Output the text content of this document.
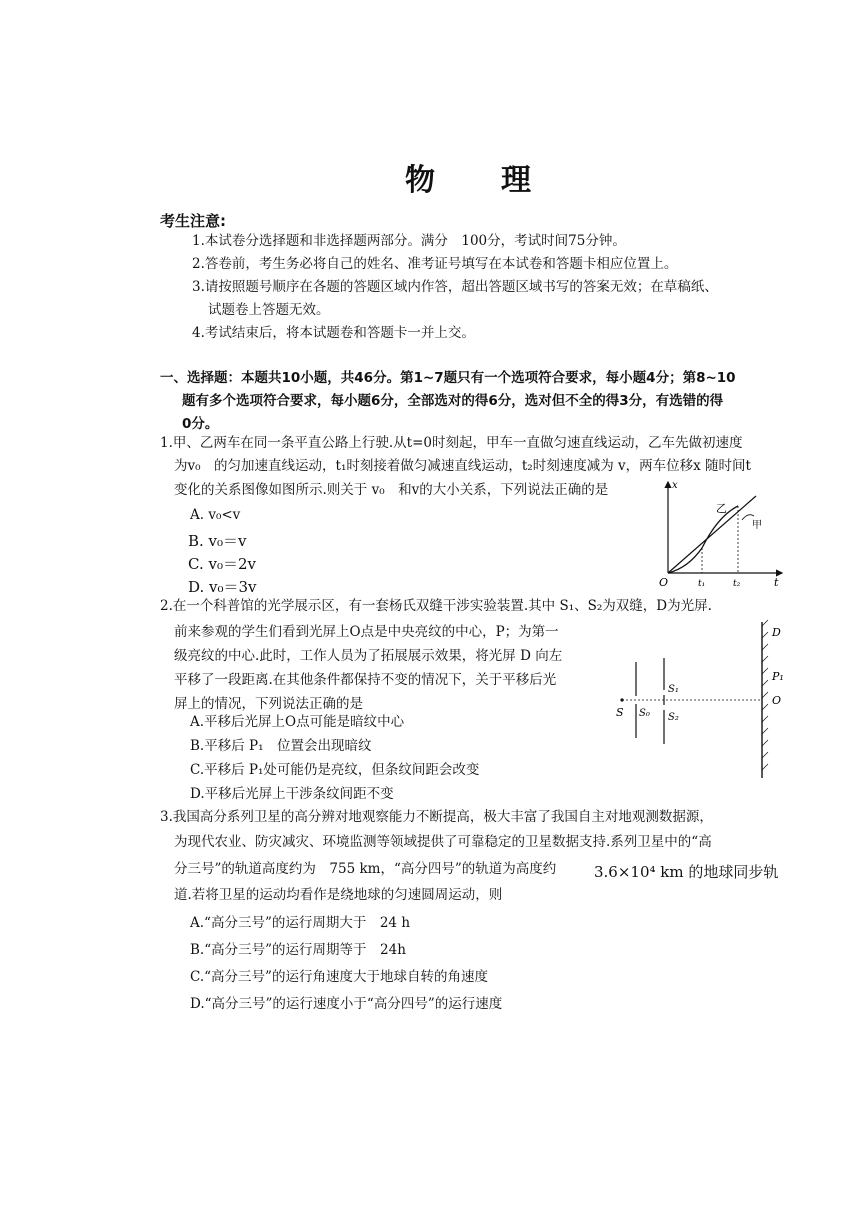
物　　理
考生注意:
1.本试卷分选择题和非选择题两部分。满分　100分，考试时间75分钟。
2.答卷前，考生务必将自己的姓名、准考证号填写在本试卷和答题卡相应位置上。
3.请按照题号顺序在各题的答题区域内作答，超出答题区域书写的答案无效；在草稿纸、
试题卷上答题无效。
4.考试结束后，将本试题卷和答题卡一并上交。
一、选择题：本题共10小题，共46分。第1~7题只有一个选项符合要求，每小题4分；第8~10
题有多个选项符合要求，每小题6分，全部选对的得6分，选对但不全的得3分，有选错的得
0分。
1.甲、乙两车在同一条平直公路上行驶.从t=0时刻起，甲车一直做匀速直线运动，乙车先做初速度
为v₀　的匀加速直线运动，t₁时刻接着做匀减速直线运动，t₂时刻速度减为 v，两车位移x 随时间t
变化的关系图像如图所示.则关于 v₀　和v的大小关系，下列说法正确的是
A. v₀<v
B. v₀＝v
C. v₀＝2v
D. v₀＝3v
x
t
O	t₁	t₂
乙
甲
2.在一个科普馆的光学展示区，有一套杨氏双缝干涉实验装置.其中 S₁、S₂为双缝，D为光屏.
前来参观的学生们看到光屏上O点是中央亮纹的中心，P；为第一
级亮纹的中心.此时，工作人员为了拓展展示效果，将光屏 D 向左
平移了一段距离.在其他条件都保持不变的情况下，关于平移后光
屏上的情况，下列说法正确的是
A.平移后光屏上O点可能是暗纹中心
B.平移后 P₁　位置会出现暗纹
C.平移后 P₁处可能仍是亮纹，但条纹间距会改变
D.平移后光屏上干涉条纹间距不变
D
P₁
O
S S₀
S₁
S₂
3.我国高分系列卫星的高分辨对地观察能力不断提高，极大丰富了我国自主对地观测数据源，
为现代农业、防灾减灾、环境监测等领域提供了可靠稳定的卫星数据支持.系列卫星中的“高
分三号”的轨道高度约为　755 km，“高分四号”的轨道为高度约	3.6×10⁴ km 的地球同步轨
道.若将卫星的运动均看作是绕地球的匀速圆周运动，则
A.“高分三号”的运行周期大于　24 h
B.“高分三号”的运行周期等于　24h
C.“高分三号”的运行角速度大于地球自转的角速度
D.“高分三号”的运行速度小于“高分四号”的运行速度
